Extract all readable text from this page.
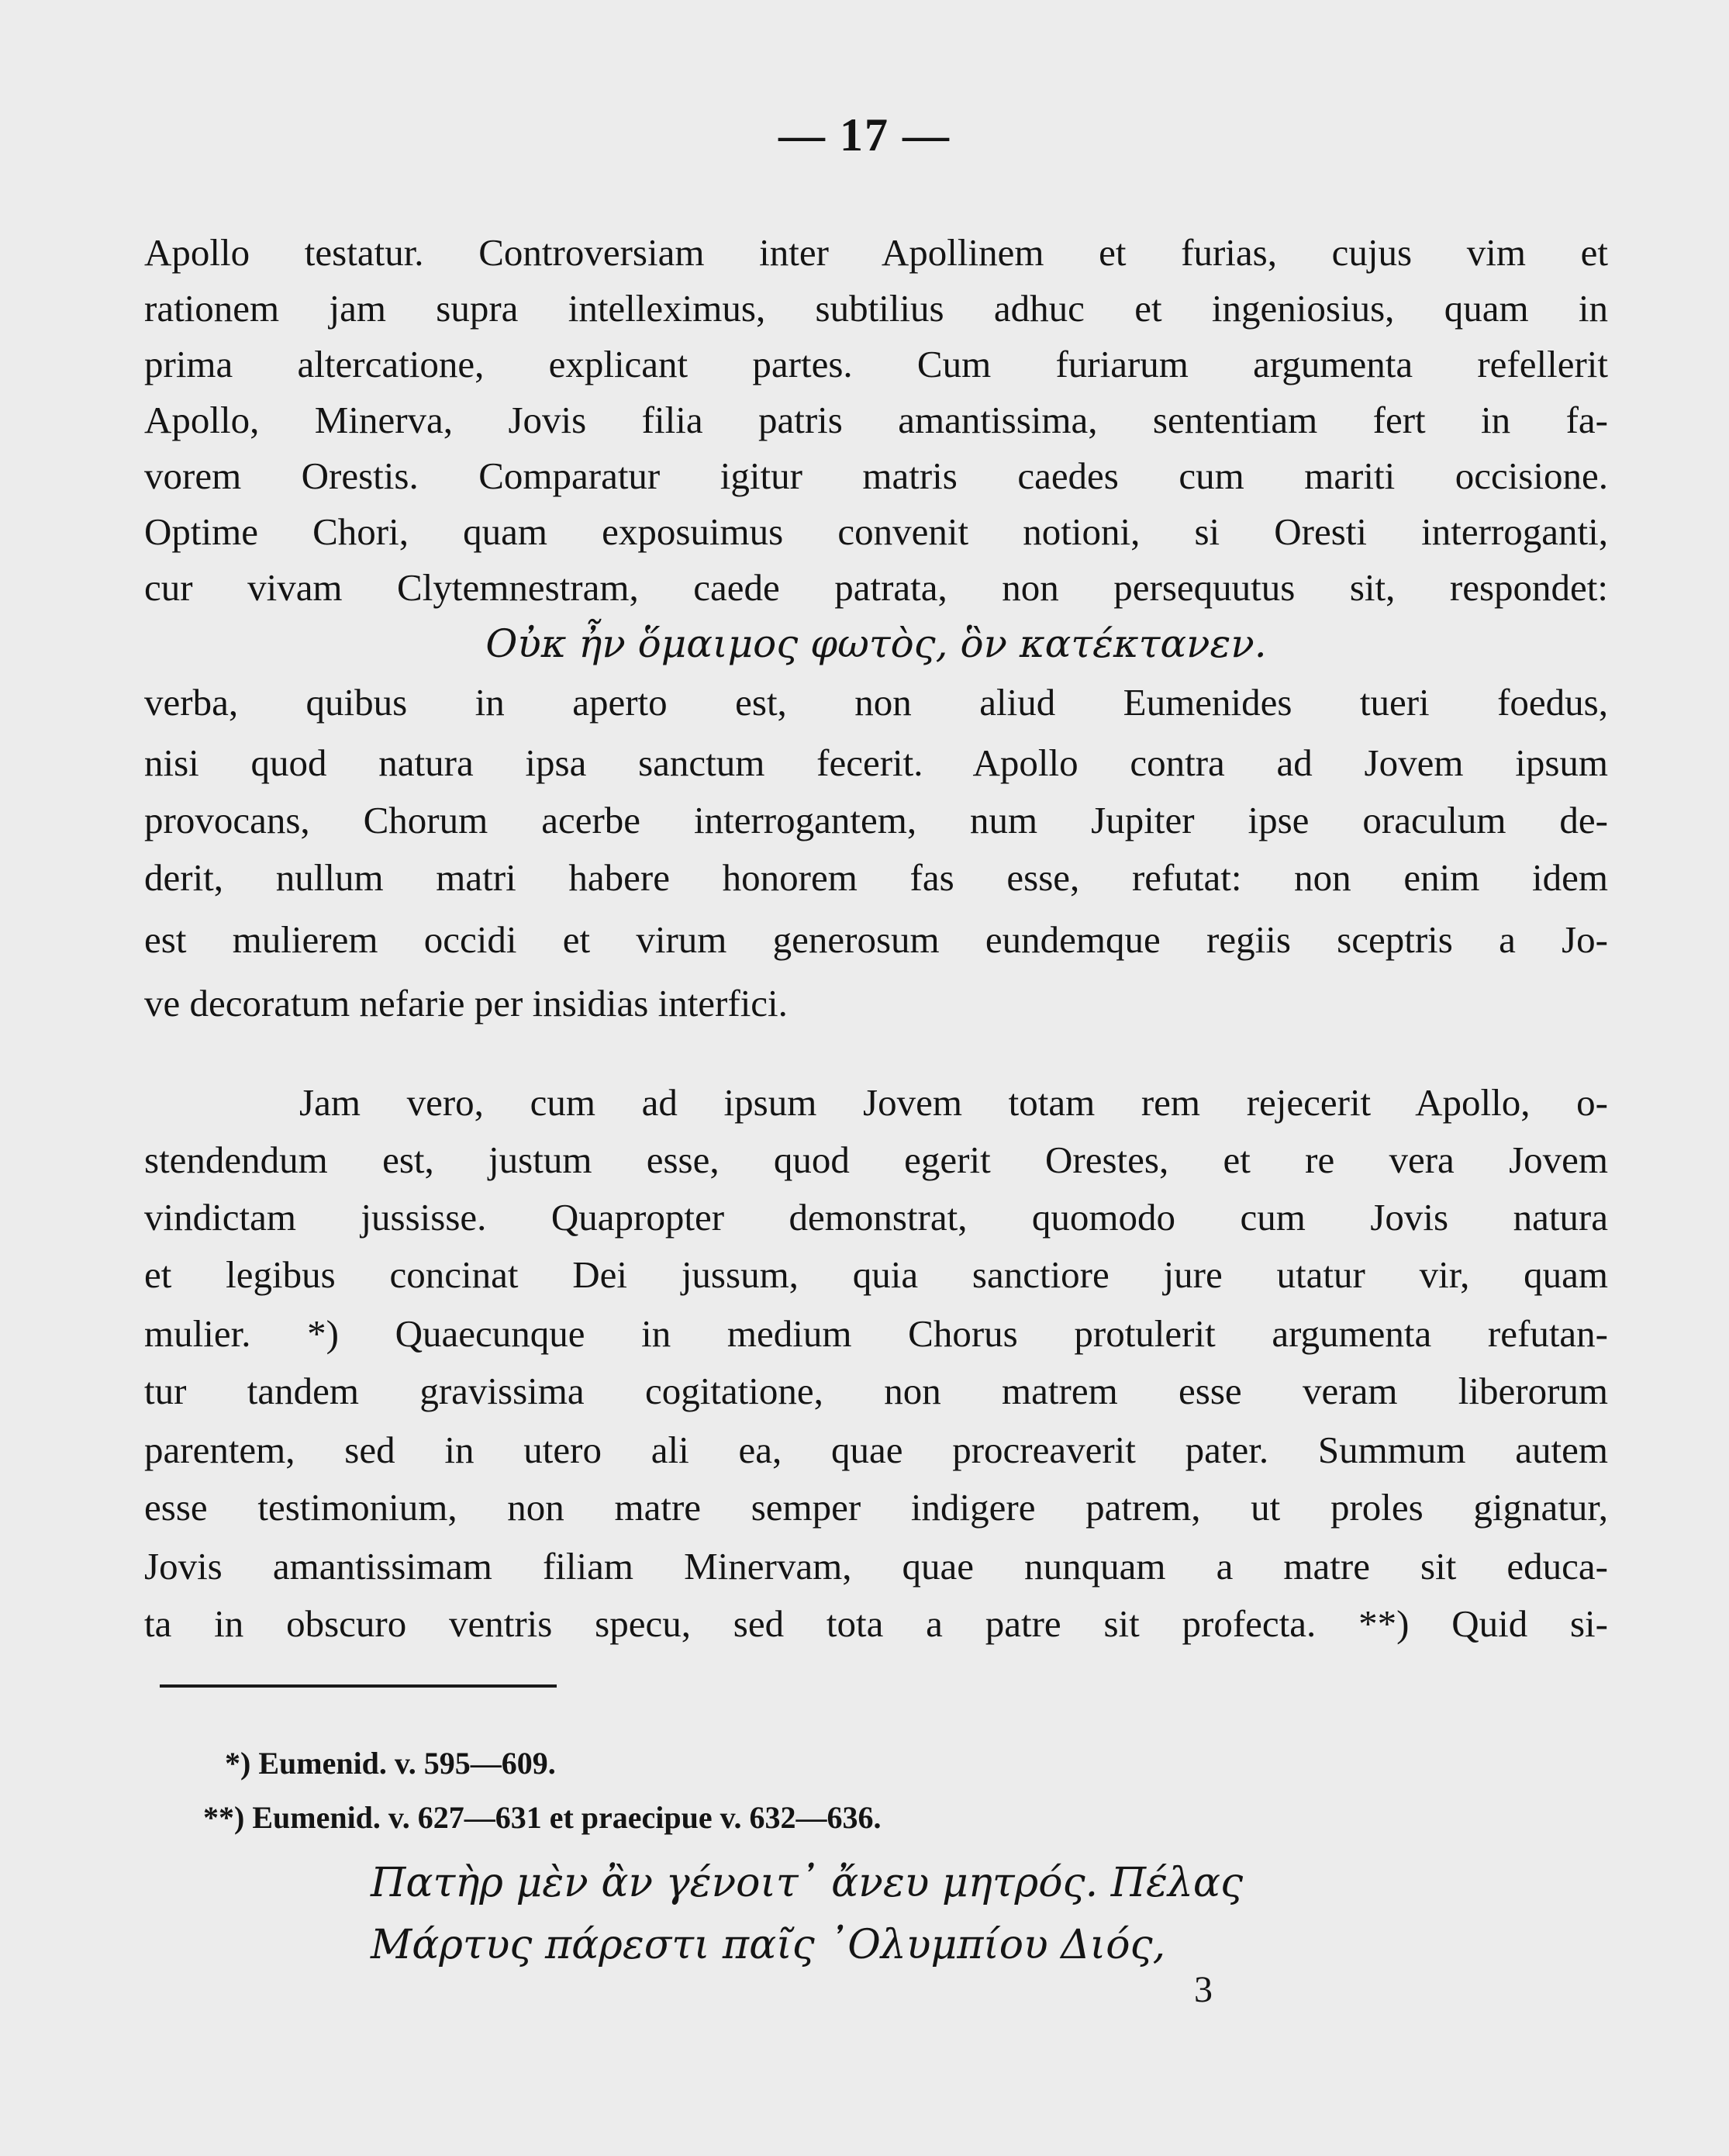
— 17 —
Apollo testatur. Controversiam inter Apollinem et furias, cujus vim et
rationem jam supra intelleximus, subtilius adhuc et ingeniosius, quam in
prima altercatione, explicant partes. Cum furiarum argumenta refellerit
Apollo, Minerva, Jovis filia patris amantissima, sententiam fert in fa-
vorem Orestis. Comparatur igitur matris caedes cum mariti occisione.
Optime Chori, quam exposuimus convenit notioni, si Oresti interroganti,
cur vivam Clytemnestram, caede patrata, non persequutus sit, respondet:
Οὐκ ἦν ὅμαιμος φωτὸς, ὃν κατέκτανεν.
verba, quibus in aperto est, non aliud Eumenides tueri foedus,
nisi quod natura ipsa sanctum fecerit. Apollo contra ad Jovem ipsum
provocans, Chorum acerbe interrogantem, num Jupiter ipse oraculum de-
derit, nullum matri habere honorem fas esse, refutat: non enim idem
est mulierem occidi et virum generosum eundemque regiis sceptris a Jo-
ve decoratum nefarie per insidias interfici.
Jam vero, cum ad ipsum Jovem totam rem rejecerit Apollo, o-
stendendum est, justum esse, quod egerit Orestes, et re vera Jovem
vindictam jussisse. Quapropter demonstrat, quomodo cum Jovis natura
et legibus concinat Dei jussum, quia sanctiore jure utatur vir, quam
mulier. *) Quaecunque in medium Chorus protulerit argumenta refutan-
tur tandem gravissima cogitatione, non matrem esse veram liberorum
parentem, sed in utero ali ea, quae procreaverit pater. Summum autem
esse testimonium, non matre semper indigere patrem, ut proles gignatur,
Jovis amantissimam filiam Minervam, quae nunquam a matre sit educa-
ta in obscuro ventris specu, sed tota a patre sit profecta. **) Quid si-
*) Eumenid. v. 595—609.
**) Eumenid. v. 627—631 et praecipue v. 632—636.
Πατὴρ μὲν ἂν γένοιτ᾽ ἄνευ μητρός. Πέλας
Μάρτυς πάρεστι παῖς ᾿Ολυμπίου Διός,
3
